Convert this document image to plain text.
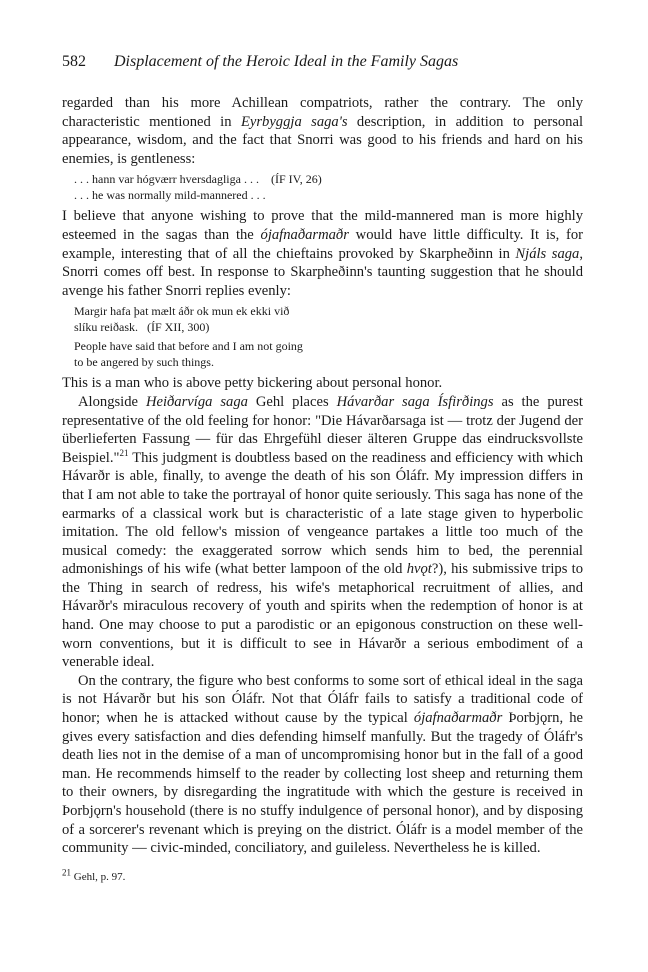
582 Displacement of the Heroic Ideal in the Family Sagas
regarded than his more Achillean compatriots, rather the contrary. The only characteristic mentioned in Eyrbyggja saga's description, in addition to personal appearance, wisdom, and the fact that Snorri was good to his friends and hard on his enemies, is gentleness:
. . . hann var hógværr hversdagliga . . . (ÍF IV, 26)
. . . he was normally mild-mannered . . .
I believe that anyone wishing to prove that the mild-mannered man is more highly esteemed in the sagas than the ójafnaðarmaðr would have little difficulty. It is, for example, interesting that of all the chieftains provoked by Skarpheðinn in Njáls saga, Snorri comes off best. In response to Skarpheðinn's taunting suggestion that he should avenge his father Snorri replies evenly:
Margir hafa þat mælt áðr ok mun ek ekki við
slíku reiðask. (ÍF XII, 300)
People have said that before and I am not going
to be angered by such things.
This is a man who is above petty bickering about personal honor.
Alongside Heiðarvíga saga Gehl places Hávarðar saga Ísfirðings as the purest representative of the old feeling for honor: "Die Hávarðarsaga ist — trotz der Jugend der überlieferten Fassung — für das Ehrgefühl dieser älteren Gruppe das eindrucksvollste Beispiel."$^{21}$ This judgment is doubtless based on the readiness and efficiency with which Hávarðr is able, finally, to avenge the death of his son Óláfr. My impression differs in that I am not able to take the portrayal of honor quite seriously. This saga has none of the earmarks of a classical work but is characteristic of a late stage given to hyperbolic imitation. The old fellow's mission of vengeance partakes a little too much of the musical comedy: the exaggerated sorrow which sends him to bed, the perennial admonishings of his wife (what better lampoon of the old hvǫt?), his submissive trips to the Thing in search of redress, his wife's metaphorical recruitment of allies, and Hávarðr's miraculous recovery of youth and spirits when the redemption of honor is at hand. One may choose to put a parodistic or an epigonous construction on these well-worn conventions, but it is difficult to see in Hávarðr a serious embodiment of a venerable ideal.
On the contrary, the figure who best conforms to some sort of ethical ideal in the saga is not Hávarðr but his son Óláfr. Not that Óláfr fails to satisfy a traditional code of honor; when he is attacked without cause by the typical ójafnaðarmaðr Þorbjǫrn, he gives every satisfaction and dies defending himself manfully. But the tragedy of Óláfr's death lies not in the demise of a man of uncompromising honor but in the fall of a good man. He recommends himself to the reader by collecting lost sheep and returning them to their owners, by disregarding the ingratitude with which the gesture is received in Þorbjǫrn's household (there is no stuffy indulgence of personal honor), and by disposing of a sorcerer's revenant which is preying on the district. Óláfr is a model member of the community — civic-minded, conciliatory, and guileless. Nevertheless he is killed.
$^{21}$ Gehl, p. 97.
